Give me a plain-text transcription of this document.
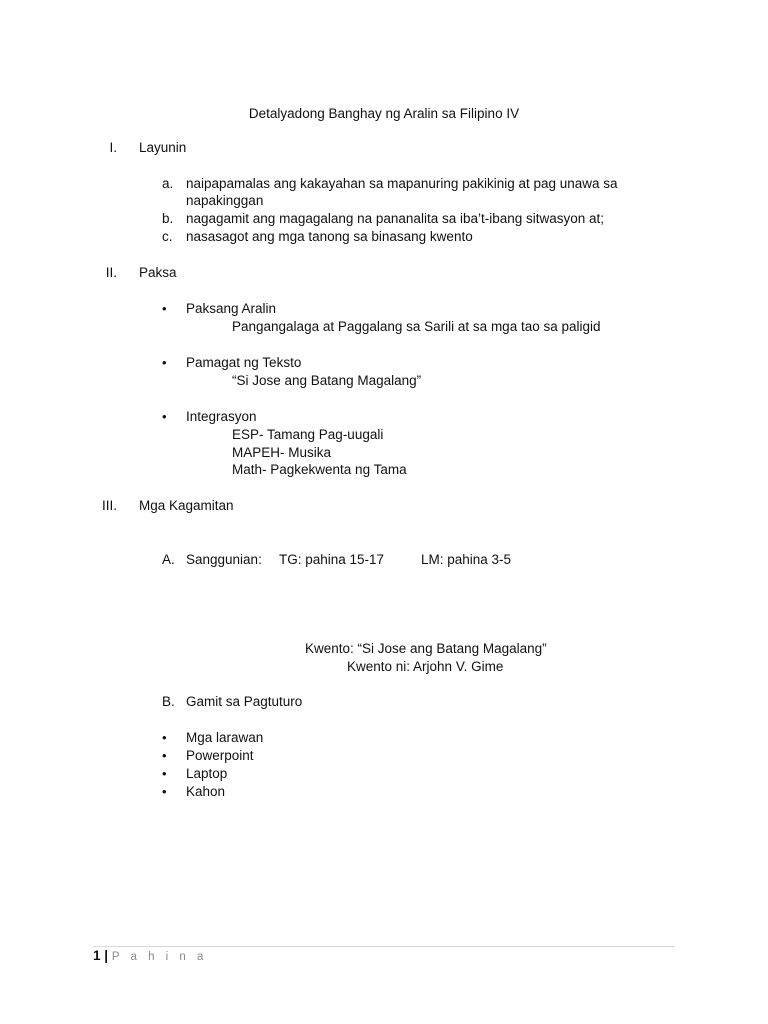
Detalyadong Banghay ng Aralin sa Filipino IV
I. Layunin
a. naipapamalas ang kakayahan sa mapanuring pakikinig at pag unawa sa
napakinggan
b. nagagamit ang magagalang na pananalita sa iba’t-ibang sitwasyon at;
c. nasasagot ang mga tanong sa binasang kwento
II. Paksa
• Paksang Aralin
Pangangalaga at Paggalang sa Sarili at sa mga tao sa paligid
• Pamagat ng Teksto
“Si Jose ang Batang Magalang”
• Integrasyon
ESP- Tamang Pag-uugali
MAPEH- Musika
Math- Pagkekwenta ng Tama
III. Mga Kagamitan
A. Sanggunian: TG: pahina 15-17	LM: pahina 3-5
Kwento: “Si Jose ang Batang Magalang”
Kwento ni: Arjohn V. Gime
B. Gamit sa Pagtuturo
• Mga larawan
• Powerpoint
• Laptop
• Kahon
1 | P a h i n a
